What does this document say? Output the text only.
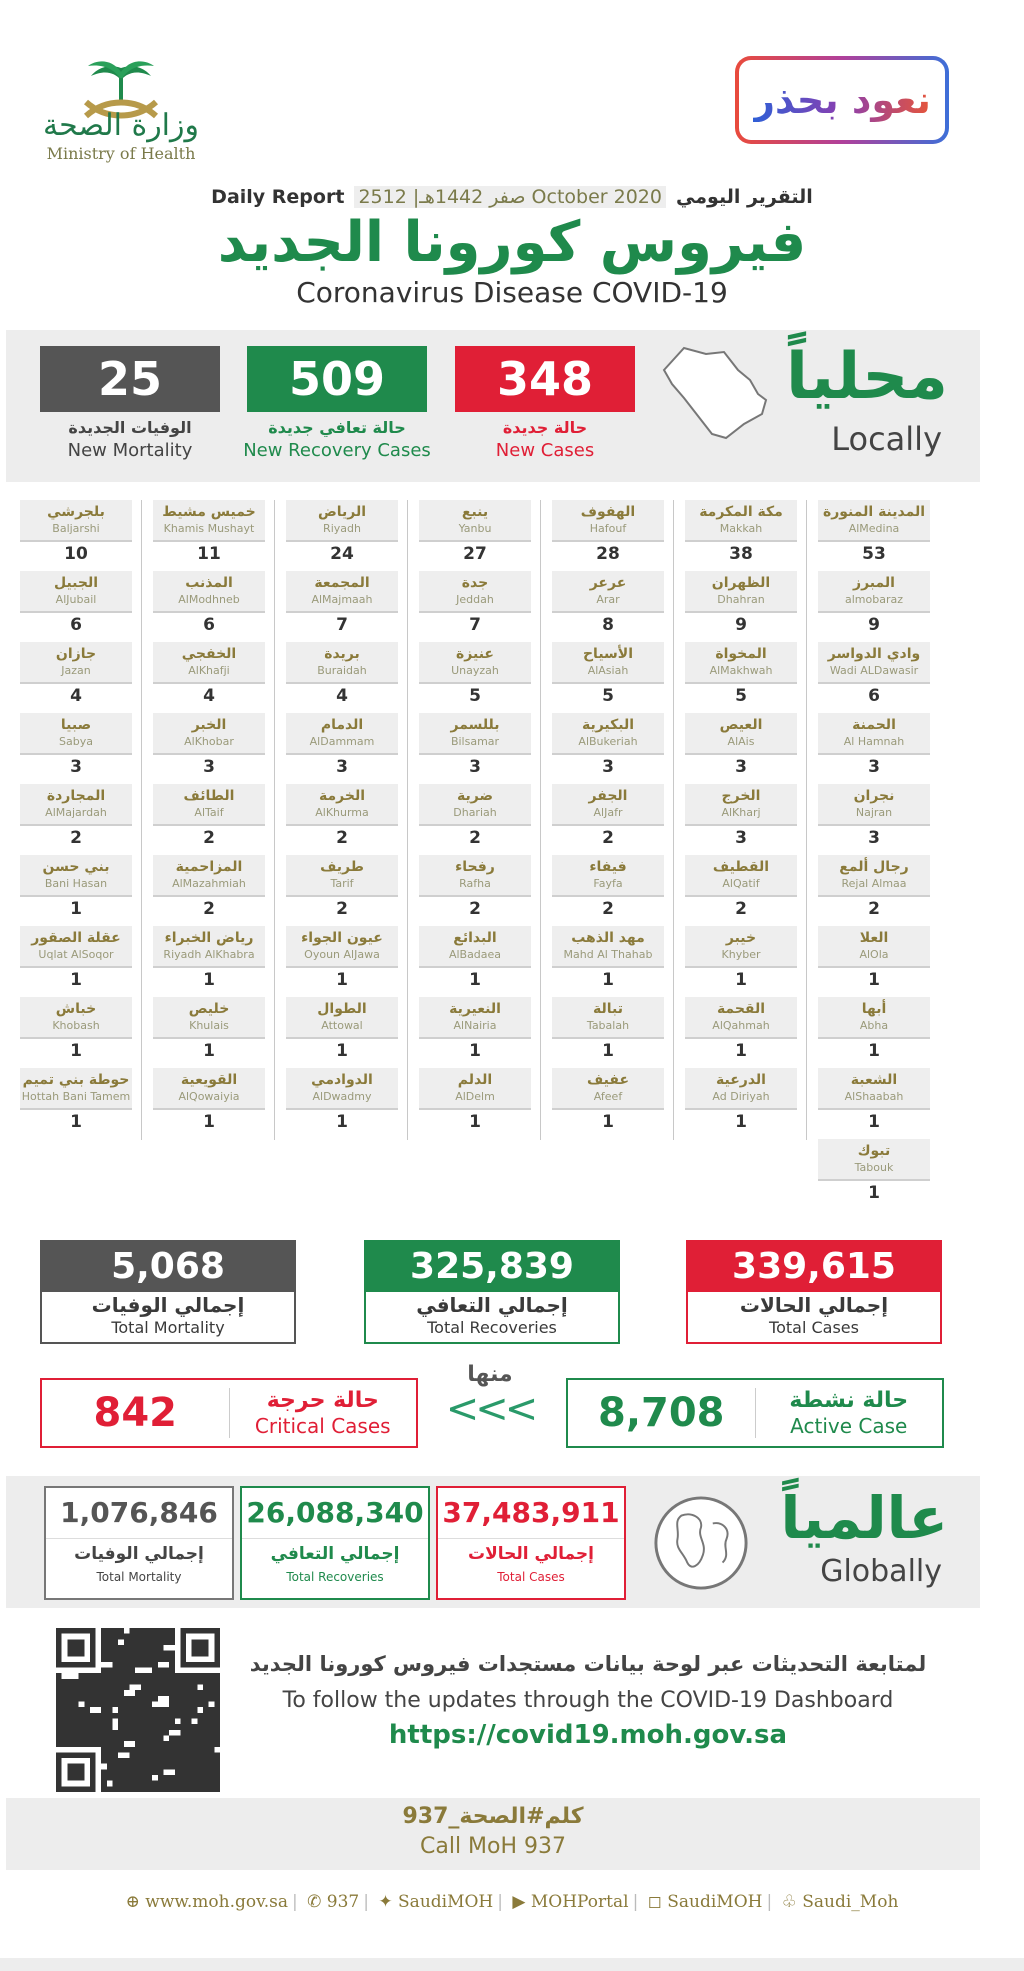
وزارة الصحة
Ministry of Health
نعود بحذر
Daily Report 25صفر 1442هـ| 12 October 2020 التقرير اليومي
فيروس كورونا الجديد
Coronavirus Disease COVID-19
348
حالة جديدة
New Cases
509
حالة تعافي جديدة
New Recovery Cases
25
الوفيات الجديدة
New Mortality
محلياً
Locally
المدينة المنورة
AlMedina
53
مكة المكرمة
Makkah
38
الهفوف
Hafouf
28
ينبع
Yanbu
27
الرياض
Riyadh
24
خميس مشيط
Khamis Mushayt
11
بلجرشي
Baljarshi
10
المبرز
almobaraz
9
الظهران
Dhahran
9
عرعر
Arar
8
جدة
Jeddah
7
المجمعة
AlMajmaah
7
المذنب
AlModhneb
6
الجبيل
AlJubail
6
وادي الدواسر
Wadi ALDawasir
6
المخواة
AlMakhwah
5
الأسياح
AlAsiah
5
عنيزة
Unayzah
5
بريدة
Buraidah
4
الخفجي
AlKhafji
4
جازان
Jazan
4
الحمنة
Al Hamnah
3
العيص
AlAis
3
البكيرية
AlBukeriah
3
بللسمر
Bilsamar
3
الدمام
AlDammam
3
الخبر
AlKhobar
3
صبيا
Sabya
3
نجران
Najran
3
الخرج
AlKharj
3
الجفر
AlJafr
2
ضرية
Dhariah
2
الخرمة
AlKhurma
2
الطائف
AlTaif
2
المجاردة
AlMajardah
2
رجال ألمع
Rejal Almaa
2
القطيف
AlQatif
2
فيفاء
Fayfa
2
رفحاء
Rafha
2
طريف
Tarif
2
المزاحمية
AlMazahmiah
2
بني حسن
Bani Hasan
1
العلا
AlOla
1
خيبر
Khyber
1
مهد الذهب
Mahd Al Thahab
1
البدائع
AlBadaea
1
عيون الجواء
Oyoun AlJawa
1
رياض الخبراء
Riyadh AlKhabra
1
عقلة الصقور
Uqlat AlSoqor
1
أبها
Abha
1
القحمة
AlQahmah
1
تبالة
Tabalah
1
النعيرية
AlNairia
1
الطوال
Attowal
1
خليص
Khulais
1
خباش
Khobash
1
الشعبة
AlShaabah
1
الدرعية
Ad Diriyah
1
عفيف
Afeef
1
الدلم
AlDelm
1
الدوادمي
AlDwadmy
1
القويعية
AlQowaiyia
1
حوطة بني تميم
Hottah Bani Tamem
1
تبوك
Tabouk
1
339,615
إجمالي الحالات
Total Cases
325,839
إجمالي التعافي
Total Recoveries
5,068
إجمالي الوفيات
Total Mortality
منها
<<<	8,708	حالة نشطة
Active Case
842	حالة حرجة
Critical Cases
37,483,911
إجمالي الحالات
Total Cases
26,088,340
إجمالي التعافي
Total Recoveries
1,076,846
إجمالي الوفيات
Total Mortality
عالمياً
Globally
لمتابعة التحديثات عبر لوحة بيانات مستجدات فيروس كورونا الجديد
To follow the updates through the COVID-19 Dashboard
https://covid19.moh.gov.sa
كلم#الصحة_937
Call MoH 937
⊕ www.moh.gov.sa | ✆ 937 | ✦ SaudiMOH | ▶ MOHPortal | ◻ SaudiMOH | ♧ Saudi_Moh
